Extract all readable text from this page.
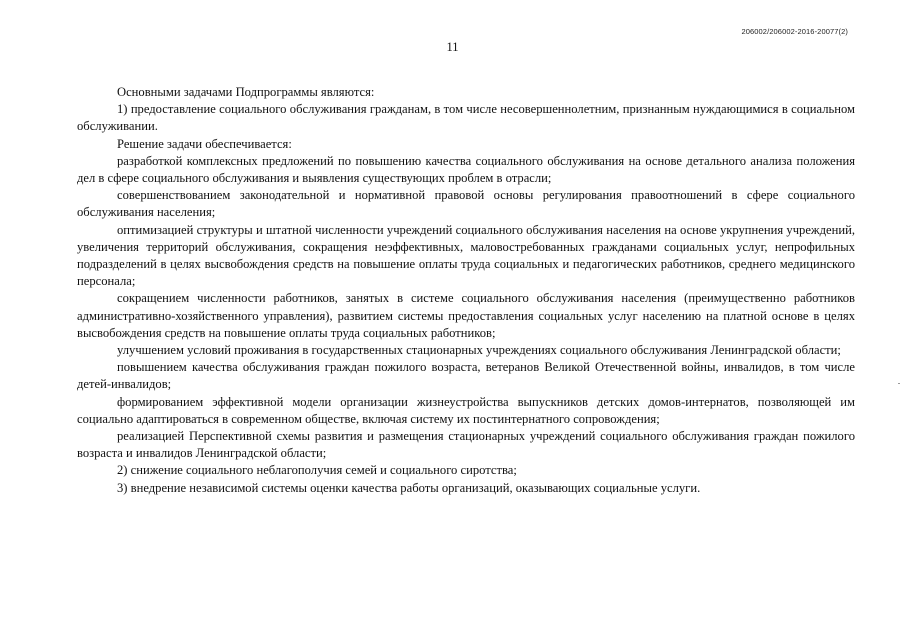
206002/206002-2016-20077(2)
11

Основными задачами Подпрограммы являются:

1) предоставление социального обслуживания гражданам, в том числе несовершеннолетним, признанным нуждающимися в социальном обслуживании.

Решение задачи обеспечивается:

разработкой комплексных предложений по повышению качества социального обслуживания на основе детального анализа положения дел в сфере социального обслуживания и выявления существующих проблем в отрасли;

совершенствованием законодательной и нормативной правовой основы регулирования правоотношений в сфере социального обслуживания населения;

оптимизацией структуры и штатной численности учреждений социального обслуживания населения на основе укрупнения учреждений, увеличения территорий обслуживания, сокращения неэффективных, маловостребованных гражданами социальных услуг, непрофильных подразделений в целях высвобождения средств на повышение оплаты труда социальных и педагогических работников, среднего медицинского персонала;

сокращением численности работников, занятых в системе социального обслуживания населения (преимущественно работников административно-хозяйственного управления), развитием системы предоставления социальных услуг населению на платной основе в целях высвобождения средств на повышение оплаты труда социальных работников;

улучшением условий проживания в государственных стационарных учреждениях социального обслуживания Ленинградской области;

повышением качества обслуживания граждан пожилого возраста, ветеранов Великой Отечественной войны, инвалидов, в том числе детей-инвалидов;

формированием эффективной модели организации жизнеустройства выпускников детских домов-интернатов, позволяющей им социально адаптироваться в современном обществе, включая систему их постинтернатного сопровождения;

реализацией Перспективной схемы развития и размещения стационарных учреждений социального обслуживания граждан пожилого возраста и инвалидов Ленинградской области;

2) снижение социального неблагополучия семей и социального сиротства;

3) внедрение независимой системы оценки качества работы организаций, оказывающих социальные услуги.
